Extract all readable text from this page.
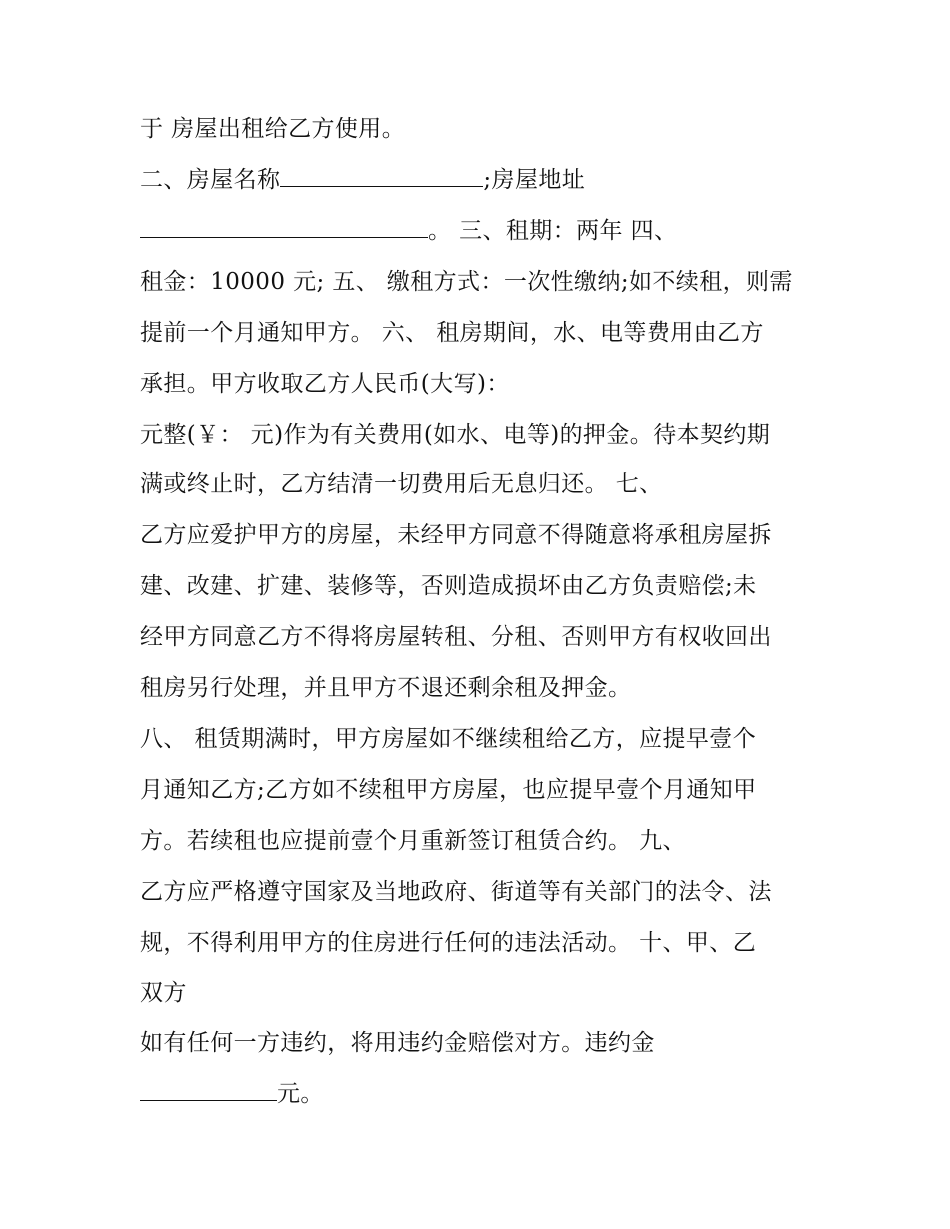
于 房屋出租给乙方使用。
二、房屋名称	;房屋地址
。 三、租期：两年 四、
租金：10000 元; 五、 缴租方式：一次性缴纳;如不续租，则需
提前一个月通知甲方。 六、 租房期间，水、电等费用由乙方
承担。甲方收取乙方人民币(大写)：
元整(￥： 元)作为有关费用(如水、电等)的押金。待本契约期
满或终止时，乙方结清一切费用后无息归还。 七、
乙方应爱护甲方的房屋，未经甲方同意不得随意将承租房屋拆
建、改建、扩建、装修等，否则造成损坏由乙方负责赔偿;未
经甲方同意乙方不得将房屋转租、分租、否则甲方有权收回出
租房另行处理，并且甲方不退还剩余租及押金。
八、 租赁期满时，甲方房屋如不继续租给乙方，应提早壹个
月通知乙方;乙方如不续租甲方房屋，也应提早壹个月通知甲
方。若续租也应提前壹个月重新签订租赁合约。 九、
乙方应严格遵守国家及当地政府、街道等有关部门的法令、法
规，不得利用甲方的住房进行任何的违法活动。 十、甲、乙
双方
如有任何一方违约，将用违约金赔偿对方。违约金
元。
